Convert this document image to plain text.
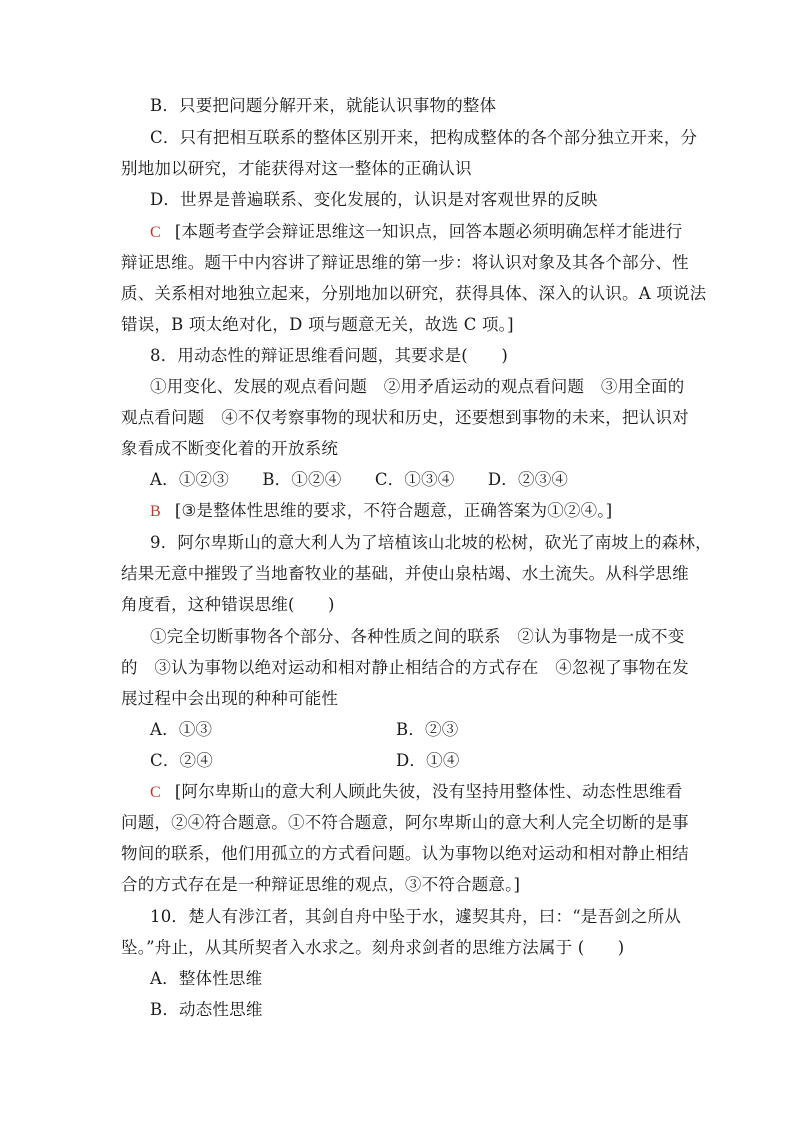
B．只要把问题分解开来，就能认识事物的整体
C．只有把相互联系的整体区别开来，把构成整体的各个部分独立开来，分
别地加以研究，才能获得对这一整体的正确认识
D．世界是普遍联系、变化发展的，认识是对客观世界的反映
C [本题考查学会辩证思维这一知识点，回答本题必须明确怎样才能进行
辩证思维。题干中内容讲了辩证思维的第一步：将认识对象及其各个部分、性
质、关系相对地独立起来，分别地加以研究，获得具体、深入的认识。A 项说法
错误，B 项太绝对化，D 项与题意无关，故选 C 项。]
8．用动态性的辩证思维看问题，其要求是(　　)
①用变化、发展的观点看问题　②用矛盾运动的观点看问题　③用全面的
观点看问题　④不仅考察事物的现状和历史，还要想到事物的未来，把认识对
象看成不断变化着的开放系统
A．①②③　　B．①②④　　C．①③④　　D．②③④
B [③是整体性思维的要求，不符合题意，正确答案为①②④。]
9．阿尔卑斯山的意大利人为了培植该山北坡的松树，砍光了南坡上的森林，
结果无意中摧毁了当地畜牧业的基础，并使山泉枯竭、水土流失。从科学思维
角度看，这种错误思维(　　)
①完全切断事物各个部分、各种性质之间的联系　②认为事物是一成不变
的　③认为事物以绝对运动和相对静止相结合的方式存在　④忽视了事物在发
展过程中会出现的种种可能性
A．①③	B．②③
C．②④	D．①④
C [阿尔卑斯山的意大利人顾此失彼，没有坚持用整体性、动态性思维看
问题，②④符合题意。①不符合题意，阿尔卑斯山的意大利人完全切断的是事
物间的联系，他们用孤立的方式看问题。认为事物以绝对运动和相对静止相结
合的方式存在是一种辩证思维的观点，③不符合题意。]
10．楚人有涉江者，其剑自舟中坠于水，遽契其舟，曰：“是吾剑之所从
坠。”舟止，从其所契者入水求之。刻舟求剑者的思维方法属于 (　　)
A．整体性思维
B．动态性思维
